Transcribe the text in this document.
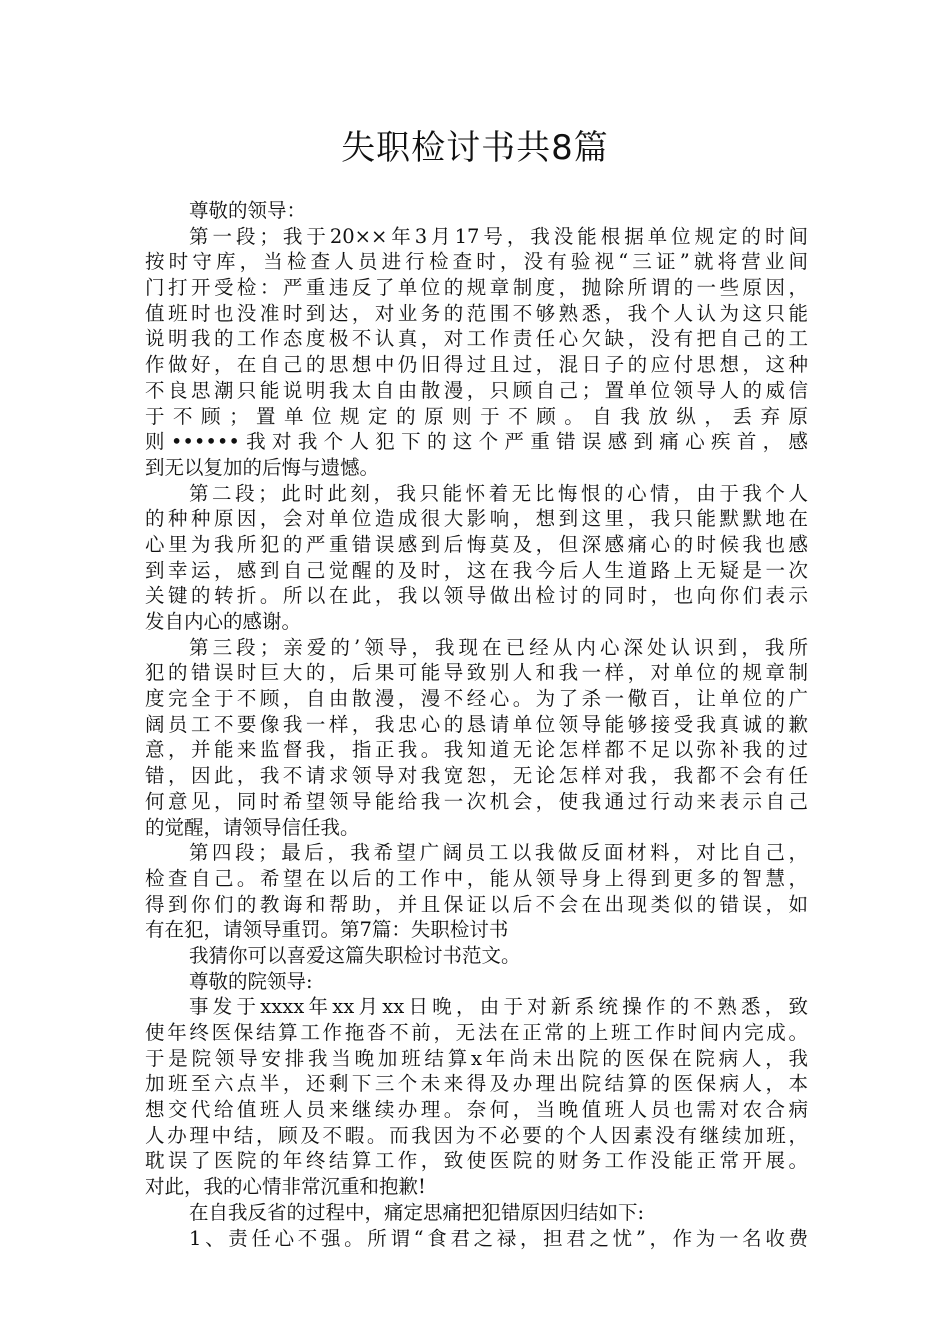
失职检讨书共8篇
尊敬的领导：
第一段；我于20××年3月17号，我没能根据单位规定的时间
按时守库，当检查人员进行检查时，没有验视“三证”就将营业间
门打开受检：严重违反了单位的规章制度，抛除所谓的一些原因，
值班时也没准时到达，对业务的范围不够熟悉，我个人认为这只能
说明我的工作态度极不认真，对工作责任心欠缺，没有把自己的工
作做好，在自己的思想中仍旧得过且过，混日子的应付思想，这种
不良思潮只能说明我太自由散漫，只顾自己；置单位领导人的威信
于 不 顾 ； 置 单 位 规 定 的 原 则 于 不 顾 。 自 我 放 纵 ， 丢 弃 原
则••••••我对我个人犯下的这个严重错误感到痛心疾首，感
到无以复加的后悔与遗憾。
第二段；此时此刻，我只能怀着无比悔恨的心情，由于我个人
的种种原因，会对单位造成很大影响，想到这里，我只能默默地在
心里为我所犯的严重错误感到后悔莫及，但深感痛心的时候我也感
到幸运，感到自己觉醒的及时，这在我今后人生道路上无疑是一次
关键的转折。所以在此，我以领导做出检讨的同时，也向你们表示
发自内心的感谢。
第三段；亲爱的’领导，我现在已经从内心深处认识到，我所
犯的错误时巨大的，后果可能导致别人和我一样，对单位的规章制
度完全于不顾，自由散漫，漫不经心。为了杀一儆百，让单位的广
阔员工不要像我一样，我忠心的恳请单位领导能够接受我真诚的歉
意，并能来监督我，指正我。我知道无论怎样都不足以弥补我的过
错，因此，我不请求领导对我宽恕，无论怎样对我，我都不会有任
何意见，同时希望领导能给我一次机会，使我通过行动来表示自己
的觉醒，请领导信任我。
第四段；最后，我希望广阔员工以我做反面材料，对比自己，
检查自己。希望在以后的工作中，能从领导身上得到更多的智慧，
得到你们的教诲和帮助，并且保证以后不会在出现类似的错误，如
有在犯，请领导重罚。第7篇：失职检讨书
我猜你可以喜爱这篇失职检讨书范文。
尊敬的院领导:
事发于xxxx年xx月xx日晚，由于对新系统操作的不熟悉，致
使年终医保结算工作拖沓不前，无法在正常的上班工作时间内完成。
于是院领导安排我当晚加班结算x年尚未出院的医保在院病人，我
加班至六点半，还剩下三个未来得及办理出院结算的医保病人，本
想交代给值班人员来继续办理。奈何，当晚值班人员也需对农合病
人办理中结，顾及不暇。而我因为不必要的个人因素没有继续加班，
耽误了医院的年终结算工作，致使医院的财务工作没能正常开展。
对此，我的心情非常沉重和抱歉!
在自我反省的过程中，痛定思痛把犯错原因归结如下:
1、责任心不强。所谓“食君之禄，担君之忧”，作为一名收费
